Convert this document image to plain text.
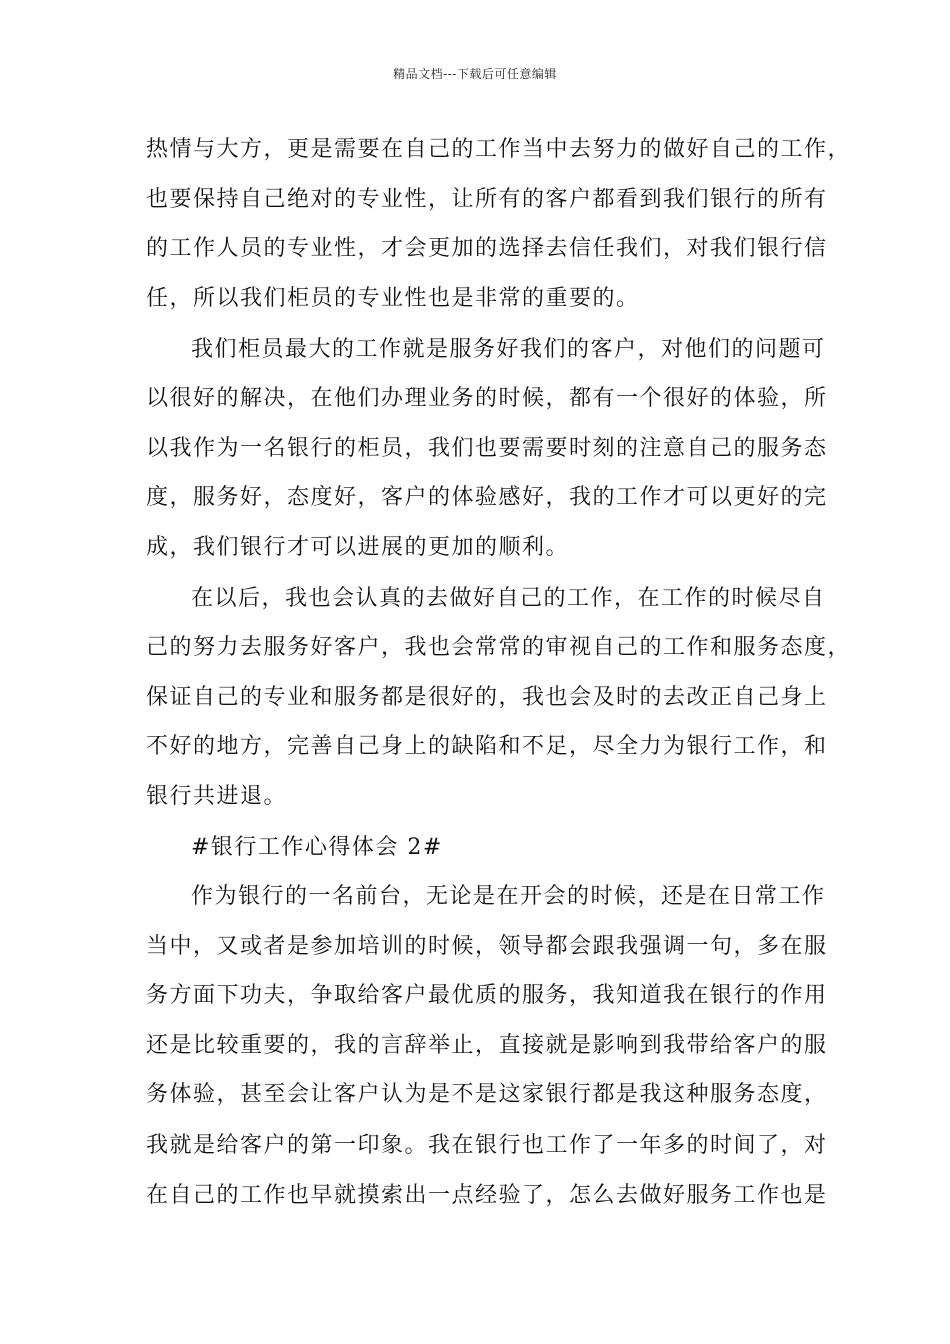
精品文档---下载后可任意编辑
热情与大方，更是需要在自己的工作当中去努力的做好自己的工作，
也要保持自己绝对的专业性，让所有的客户都看到我们银行的所有
的工作人员的专业性，才会更加的选择去信任我们，对我们银行信
任，所以我们柜员的专业性也是非常的重要的。
我们柜员最大的工作就是服务好我们的客户，对他们的问题可
以很好的解决，在他们办理业务的时候，都有一个很好的体验，所
以我作为一名银行的柜员，我们也要需要时刻的注意自己的服务态
度，服务好，态度好，客户的体验感好，我的工作才可以更好的完
成，我们银行才可以进展的更加的顺利。
在以后，我也会认真的去做好自己的工作，在工作的时候尽自
己的努力去服务好客户，我也会常常的审视自己的工作和服务态度，
保证自己的专业和服务都是很好的，我也会及时的去改正自己身上
不好的地方，完善自己身上的缺陷和不足，尽全力为银行工作，和
银行共进退。
#银行工作心得体会 2#
作为银行的一名前台，无论是在开会的时候，还是在日常工作
当中，又或者是参加培训的时候，领导都会跟我强调一句，多在服
务方面下功夫，争取给客户最优质的服务，我知道我在银行的作用
还是比较重要的，我的言辞举止，直接就是影响到我带给客户的服
务体验，甚至会让客户认为是不是这家银行都是我这种服务态度，
我就是给客户的第一印象。我在银行也工作了一年多的时间了，对
在自己的工作也早就摸索出一点经验了，怎么去做好服务工作也是
